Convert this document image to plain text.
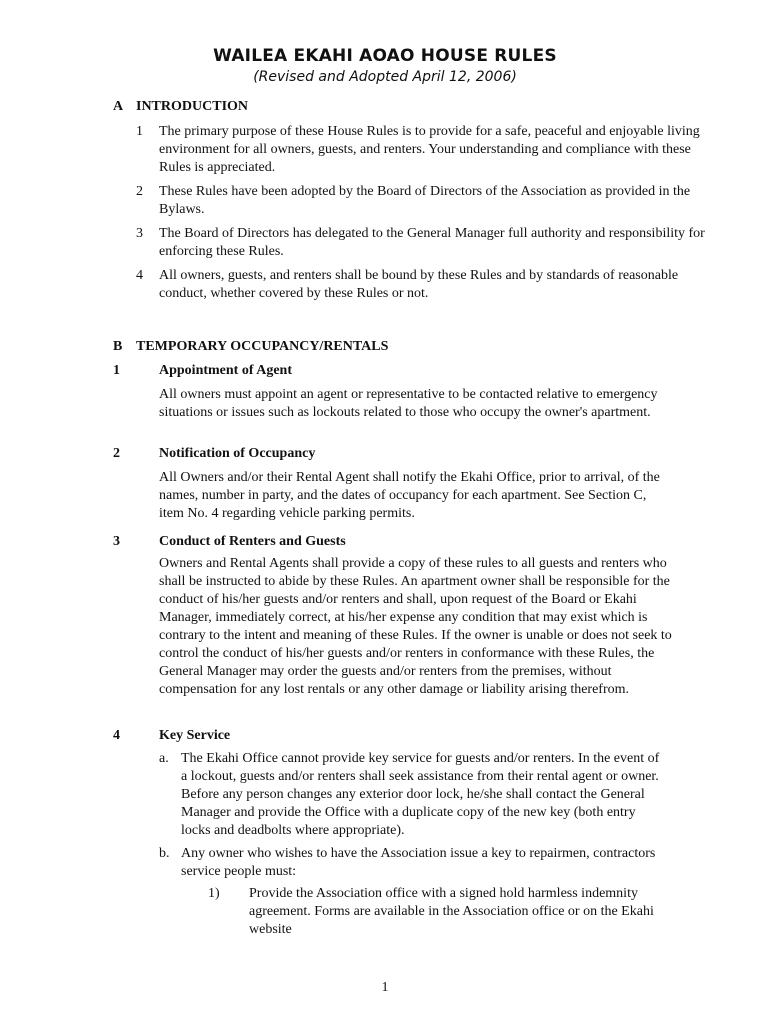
WAILEA EKAHI AOAO HOUSE RULES
(Revised and Adopted April 12, 2006)
A INTRODUCTION
1 The primary purpose of these House Rules is to provide for a safe, peaceful and enjoyable living environment for all owners, guests, and renters. Your understanding and compliance with these Rules is appreciated.
2 These Rules have been adopted by the Board of Directors of the Association as provided in the Bylaws.
3 The Board of Directors has delegated to the General Manager full authority and responsibility for enforcing these Rules.
4 All owners, guests, and renters shall be bound by these Rules and by standards of reasonable conduct, whether covered by these Rules or not.
B TEMPORARY OCCUPANCY/RENTALS
1	Appointment of Agent
All owners must appoint an agent or representative to be contacted relative to emergency situations or issues such as lockouts related to those who occupy the owner's apartment.
2	Notification of Occupancy
All Owners and/or their Rental Agent shall notify the Ekahi Office, prior to arrival, of the names, number in party, and the dates of occupancy for each apartment. See Section C, item No. 4 regarding vehicle parking permits.
3	Conduct of Renters and Guests
Owners and Rental Agents shall provide a copy of these rules to all guests and renters who shall be instructed to abide by these Rules. An apartment owner shall be responsible for the conduct of his/her guests and/or renters and shall, upon request of the Board or Ekahi Manager, immediately correct, at his/her expense any condition that may exist which is contrary to the intent and meaning of these Rules. If the owner is unable or does not seek to control the conduct of his/her guests and/or renters in conformance with these Rules, the General Manager may order the guests and/or renters from the premises, without compensation for any lost rentals or any other damage or liability arising therefrom.
4	Key Service
a. The Ekahi Office cannot provide key service for guests and/or renters. In the event of a lockout, guests and/or renters shall seek assistance from their rental agent or owner. Before any person changes any exterior door lock, he/she shall contact the General Manager and provide the Office with a duplicate copy of the new key (both entry locks and deadbolts where appropriate).
b. Any owner who wishes to have the Association issue a key to repairmen, contractors service people must:
1) Provide the Association office with a signed hold harmless indemnity agreement. Forms are available in the Association office or on the Ekahi website
1
